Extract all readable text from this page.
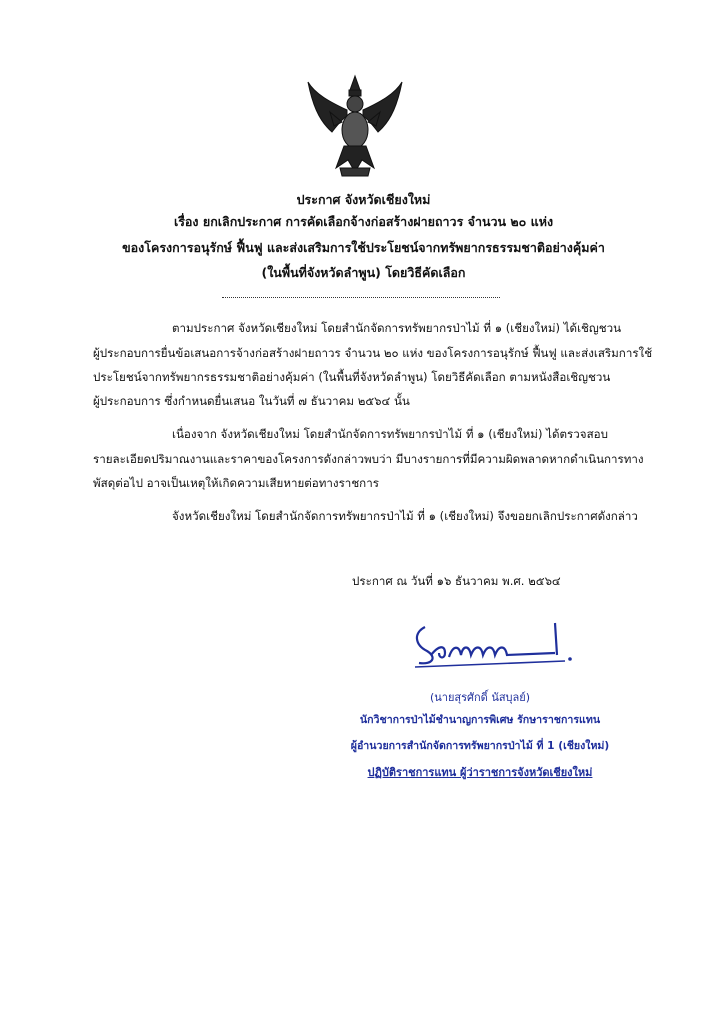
ประกาศ จังหวัดเชียงใหม่
เรื่อง ยกเลิกประกาศ การคัดเลือกจ้างก่อสร้างฝายถาวร จำนวน ๒๐ แห่ง
ของโครงการอนุรักษ์ ฟื้นฟู และส่งเสริมการใช้ประโยชน์จากทรัพยากรธรรมชาติอย่างคุ้มค่า
(ในพื้นที่จังหวัดลำพูน) โดยวิธีคัดเลือก
ตามประกาศ จังหวัดเชียงใหม่ โดยสำนักจัดการทรัพยากรป่าไม้ ที่ ๑ (เชียงใหม่) ได้เชิญชวน
ผู้ประกอบการยื่นข้อเสนอการจ้างก่อสร้างฝายถาวร จำนวน ๒๐ แห่ง ของโครงการอนุรักษ์ ฟื้นฟู และส่งเสริมการใช้
ประโยชน์จากทรัพยากรธรรมชาติอย่างคุ้มค่า (ในพื้นที่จังหวัดลำพูน) โดยวิธีคัดเลือก ตามหนังสือเชิญชวน
ผู้ประกอบการ ซึ่งกำหนดยื่นเสนอ ในวันที่ ๗ ธันวาคม ๒๕๖๔ นั้น
เนื่องจาก จังหวัดเชียงใหม่ โดยสำนักจัดการทรัพยากรป่าไม้ ที่ ๑ (เชียงใหม่) ได้ตรวจสอบ
รายละเอียดปริมาณงานและราคาของโครงการดังกล่าวพบว่า มีบางรายการที่มีความผิดพลาดหากดำเนินการทาง
พัสดุต่อไป อาจเป็นเหตุให้เกิดความเสียหายต่อทางราชการ
จังหวัดเชียงใหม่ โดยสำนักจัดการทรัพยากรป่าไม้ ที่ ๑ (เชียงใหม่) จึงขอยกเลิกประกาศดังกล่าว
ประกาศ ณ วันที่ ๑๖ ธันวาคม พ.ศ. ๒๕๖๔
(นายสุรศักดิ์ นัสบุลย์)
นักวิชาการป่าไม้ชำนาญการพิเศษ รักษาราชการแทน
ผู้อำนวยการสำนักจัดการทรัพยากรป่าไม้ ที่ 1 (เชียงใหม่)
ปฏิบัติราชการแทน ผู้ว่าราชการจังหวัดเชียงใหม่
